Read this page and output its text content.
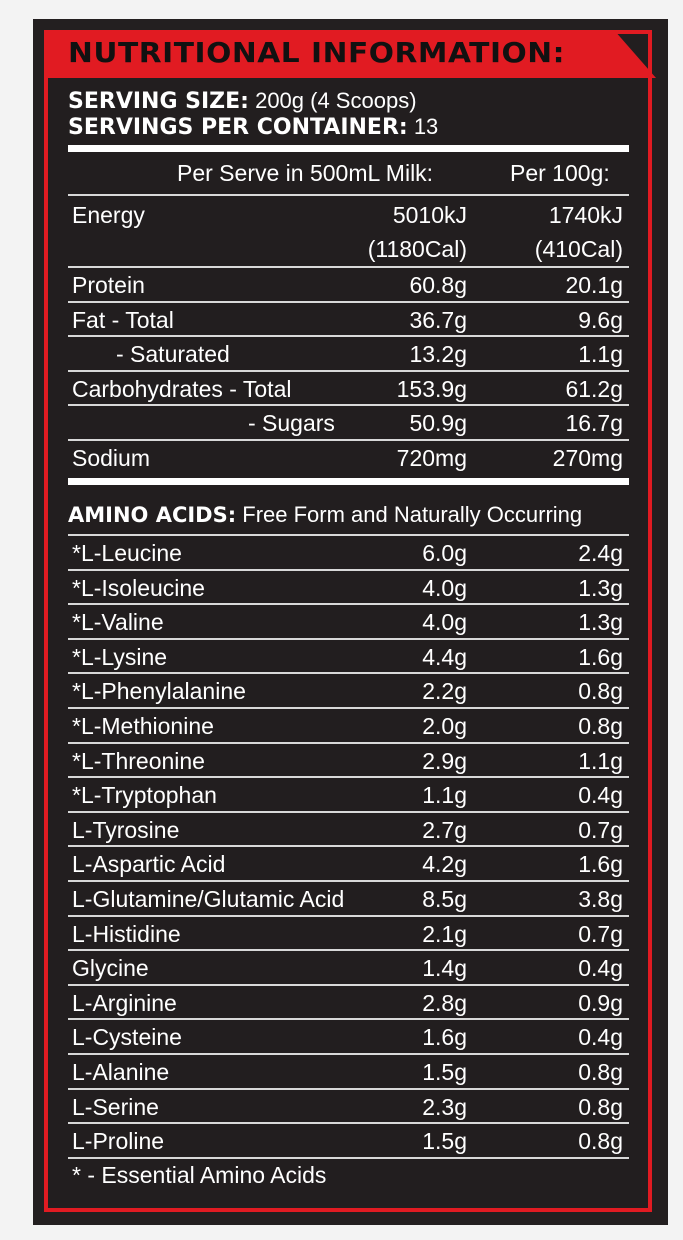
NUTRITIONAL INFORMATION:
SERVING SIZE: 200g (4 Scoops)
SERVINGS PER CONTAINER: 13
Per Serve in 500mL Milk:	Per 100g:
Energy	5010kJ	1740kJ
(1180Cal)	(410Cal)
Protein	60.8g	20.1g
Fat - Total	36.7g	9.6g
- Saturated	13.2g	1.1g
Carbohydrates - Total	153.9g	61.2g
- Sugars	50.9g	16.7g
Sodium	720mg	270mg
AMINO ACIDS: Free Form and Naturally Occurring
*L-Leucine	6.0g	2.4g
*L-Isoleucine	4.0g	1.3g
*L-Valine	4.0g	1.3g
*L-Lysine	4.4g	1.6g
*L-Phenylalanine	2.2g	0.8g
*L-Methionine	2.0g	0.8g
*L-Threonine	2.9g	1.1g
*L-Tryptophan	1.1g	0.4g
L-Tyrosine	2.7g	0.7g
L-Aspartic Acid	4.2g	1.6g
L-Glutamine/Glutamic Acid	8.5g	3.8g
L-Histidine	2.1g	0.7g
Glycine	1.4g	0.4g
L-Arginine	2.8g	0.9g
L-Cysteine	1.6g	0.4g
L-Alanine	1.5g	0.8g
L-Serine	2.3g	0.8g
L-Proline	1.5g	0.8g
* - Essential Amino Acids
